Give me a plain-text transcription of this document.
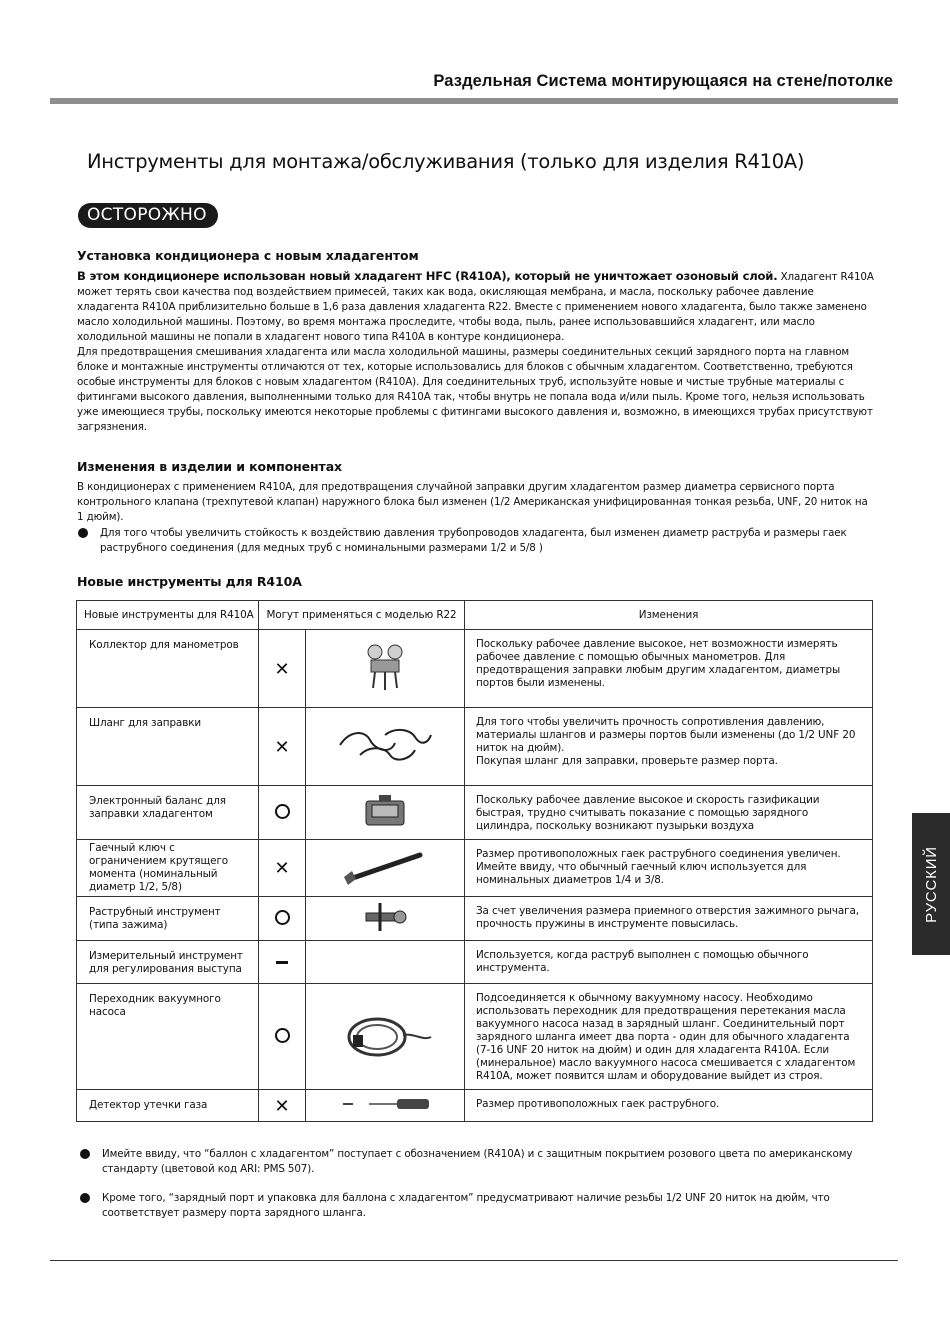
Раздельная Система монтирующаяся на стене/потолке
Инструменты для монтажа/обслуживания (только для изделия R410A)
ОСТОРОЖНО
Установка кондиционера с новым хладагентом

В этом кондиционере использован новый хладагент HFC (R410A), который не уничтожает озоновый слой. Хладагент R410A может терять свои качества под воздействием примесей, таких как вода, окисляющая мембрана, и масла, поскольку рабочее давление хладагента R410A приблизительно больше в 1,6 раза давления хладагента R22. Вместе с применением нового хладагента, было также заменено масло холодильной машины. Поэтому, во время монтажа проследите, чтобы вода, пыль, ранее использовавшийся хладагент, или масло холодильной машины не попали в хладагент нового типа R410A в контуре кондиционера.

Для предотвращения смешивания хладагента или масла холодильной машины, размеры соединительных секций зарядного порта на главном блоке и монтажные инструменты отличаются от тех, которые использовались для блоков с обычным хладагентом. Соответственно, требуются особые инструменты для блоков с новым хладагентом (R410A). Для соединительных труб, используйте новые и чистые трубные материалы с фитингами высокого давления, выполненными только для R410A так, чтобы внутрь не попала вода и/или пыль. Кроме того, нельзя использовать уже имеющиеся трубы, поскольку имеются некоторые проблемы с фитингами высокого давления и, возможно, в имеющихся трубах присутствуют загрязнения.

Изменения в изделии и компонентах

В кондиционерах с применением R410A, для предотвращения случайной заправки другим хладагентом размер диаметра сервисного порта контрольного клапана (трехпутевой клапан) наружного блока был изменен (1/2 Американская унифицированная тонкая резьба, UNF, 20 ниток на 1 дюйм).

Для того чтобы увеличить стойкость к воздействию давления трубопроводов хладагента, был изменен диаметр раструба и размеры гаек раструбного соединения (для медных труб с номинальными размерами 1/2 и 5/8 )
Новые инструменты для R410A
Новые инструменты для R410A	Могут применяться с моделью R22		Изменения
Коллектор для манометров	✕		Поскольку рабочее давление высокое, нет возможности измерять рабочее давление с помощью обычных манометров. Для предотвращения заправки любым другим хладагентом, диаметры портов были изменены.
Шланг для заправки	✕		Для того чтобы увеличить прочность сопротивления давлению, материалы шлангов и размеры портов были изменены (до 1/2 UNF 20 ниток на дюйм).
Покупая шланг для заправки, проверьте размер порта.
Электронный баланс для заправки хладагентом			Поскольку рабочее давление высокое и скорость газификации быстрая, трудно считывать показание с помощью зарядного цилиндра, поскольку возникают пузырьки воздуха
Гаечный ключ с ограничением крутящего момента (номинальный диаметр 1/2, 5/8)	✕		Размер противоположных гаек раструбного соединения увеличен. Имейте ввиду, что обычный гаечный ключ используется для номинальных диаметров 1/4 и 3/8.
Раструбный инструмент (типа зажима)			За счет увеличения размера приемного отверстия зажимного рычага, прочность пружины в инструменте повысилась.
Измерительный инструмент для регулирования выступа			Используется, когда раструб выполнен с помощью обычного инструмента.
Переходник вакуумного насоса			Подсоединяется к обычному вакуумному насосу. Необходимо использовать переходник для предотвращения перетекания масла вакуумного насоса назад в зарядный шланг. Соединительный порт зарядного шланга имеет два порта - один для обычного хладагента (7-16 UNF 20 ниток на дюйм) и один для хладагента R410A. Если (минеральное) масло вакуумного насоса смешивается с хладагентом R410A, может появится шлам и оборудование выйдет из строя.
Детектор утечки газа	✕		Размер противоположных гаек раструбного.
Имейте ввиду, что “баллон с хладагентом” поступает с обозначением (R410A) и с защитным покрытием розового цвета по американскому стандарту (цветовой код ARI: PMS 507).
Кроме того, “зарядный порт и упаковка для баллона с хладагентом” предусматривают наличие резьбы 1/2 UNF 20 ниток на дюйм, что соответствует размеру порта зарядного шланга.
РУССКИЙ
